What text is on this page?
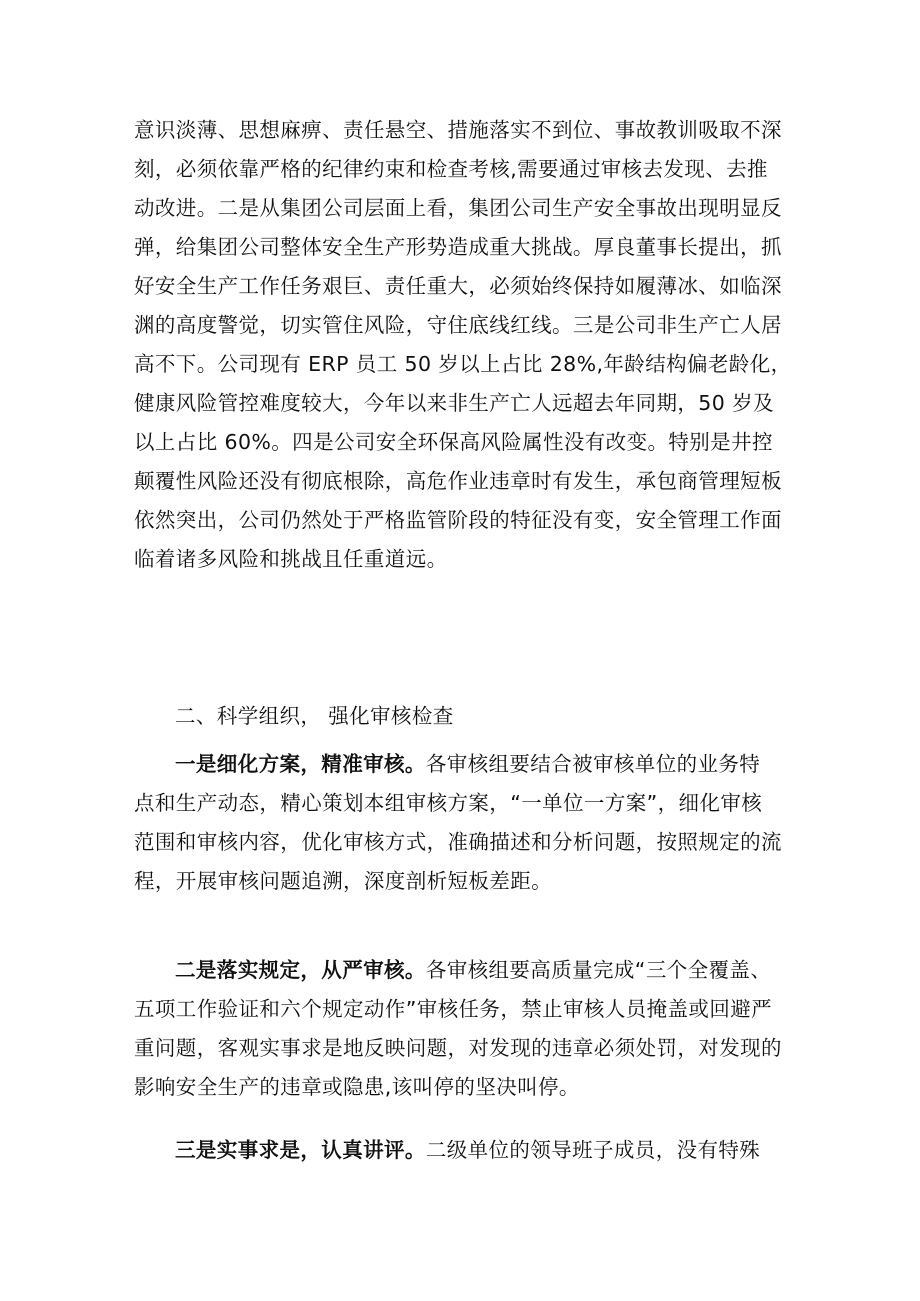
意识淡薄、思想麻痹、责任悬空、措施落实不到位、事故教训吸取不深
刻，必须依靠严格的纪律约束和检查考核,需要通过审核去发现、去推
动改进。二是从集团公司层面上看，集团公司生产安全事故出现明显反
弹，给集团公司整体安全生产形势造成重大挑战。厚良董事长提出，抓
好安全生产工作任务艰巨、责任重大，必须始终保持如履薄冰、如临深
渊的高度警觉，切实管住风险，守住底线红线。三是公司非生产亡人居
高不下。公司现有 ERP 员工 50 岁以上占比 28%,年龄结构偏老龄化，
健康风险管控难度较大，今年以来非生产亡人远超去年同期，50 岁及
以上占比 60%。四是公司安全环保高风险属性没有改变。特别是井控
颠覆性风险还没有彻底根除，高危作业违章时有发生，承包商管理短板
依然突出，公司仍然处于严格监管阶段的特征没有变，安全管理工作面
临着诸多风险和挑战且任重道远。
二、科学组织， 强化审核检查
一是细化方案，精准审核。各审核组要结合被审核单位的业务特
点和生产动态，精心策划本组审核方案，“一单位一方案”，细化审核
范围和审核内容，优化审核方式，准确描述和分析问题，按照规定的流
程，开展审核问题追溯，深度剖析短板差距。
二是落实规定，从严审核。各审核组要高质量完成“三个全覆盖、
五项工作验证和六个规定动作”审核任务，禁止审核人员掩盖或回避严
重问题，客观实事求是地反映问题，对发现的违章必须处罚，对发现的
影响安全生产的违章或隐患,该叫停的坚决叫停。
三是实事求是，认真讲评。二级单位的领导班子成员，没有特殊
